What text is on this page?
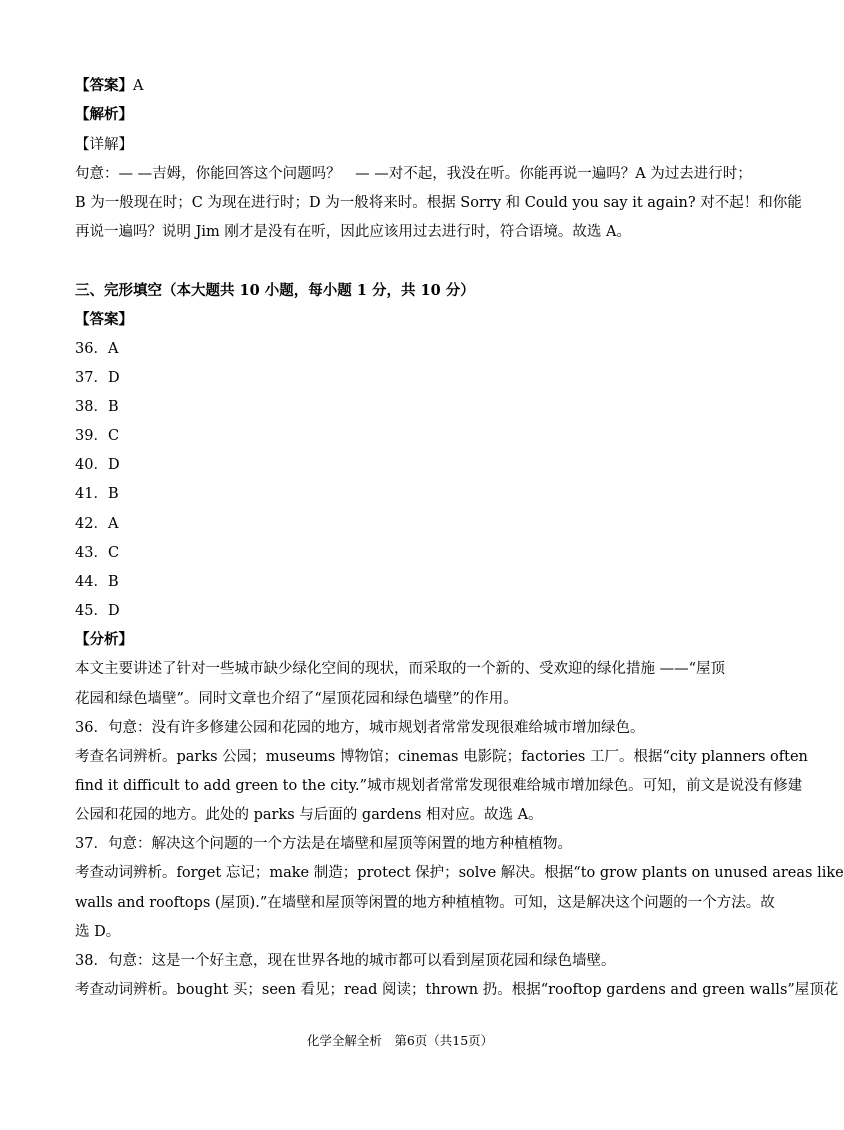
【答案】A
【解析】
【详解】
句意：— —吉姆，你能回答这个问题吗？　— —对不起，我没在听。你能再说一遍吗？A 为过去进行时；
B 为一般现在时；C 为现在进行时；D 为一般将来时。根据 Sorry 和 Could you say it again? 对不起！和你能
再说一遍吗？说明 Jim 刚才是没有在听，因此应该用过去进行时，符合语境。故选 A。
三、完形填空（本大题共 10 小题，每小题 1 分，共 10 分）
【答案】
36．A
37．D
38．B
39．C
40．D
41．B
42．A
43．C
44．B
45．D
【分析】
本文主要讲述了针对一些城市缺少绿化空间的现状，而采取的一个新的、受欢迎的绿化措施 ——“屋顶
花园和绿色墙壁”。同时文章也介绍了“屋顶花园和绿色墙壁”的作用。
36．句意：没有许多修建公园和花园的地方，城市规划者常常发现很难给城市增加绿色。
考查名词辨析。parks 公园；museums 博物馆；cinemas 电影院；factories 工厂。根据“city planners often
find it difficult to add green to the city.”城市规划者常常发现很难给城市增加绿色。可知，前文是说没有修建
公园和花园的地方。此处的 parks 与后面的 gardens 相对应。故选 A。
37．句意：解决这个问题的一个方法是在墙壁和屋顶等闲置的地方种植植物。
考查动词辨析。forget 忘记；make 制造；protect 保护；solve 解决。根据“to grow plants on unused areas like
walls and rooftops (屋顶).”在墙壁和屋顶等闲置的地方种植植物。可知，这是解决这个问题的一个方法。故
选 D。
38．句意：这是一个好主意，现在世界各地的城市都可以看到屋顶花园和绿色墙壁。
考查动词辨析。bought 买；seen 看见；read 阅读；thrown 扔。根据“rooftop gardens and green walls”屋顶花
化学全解全析　第6页（共15页）
